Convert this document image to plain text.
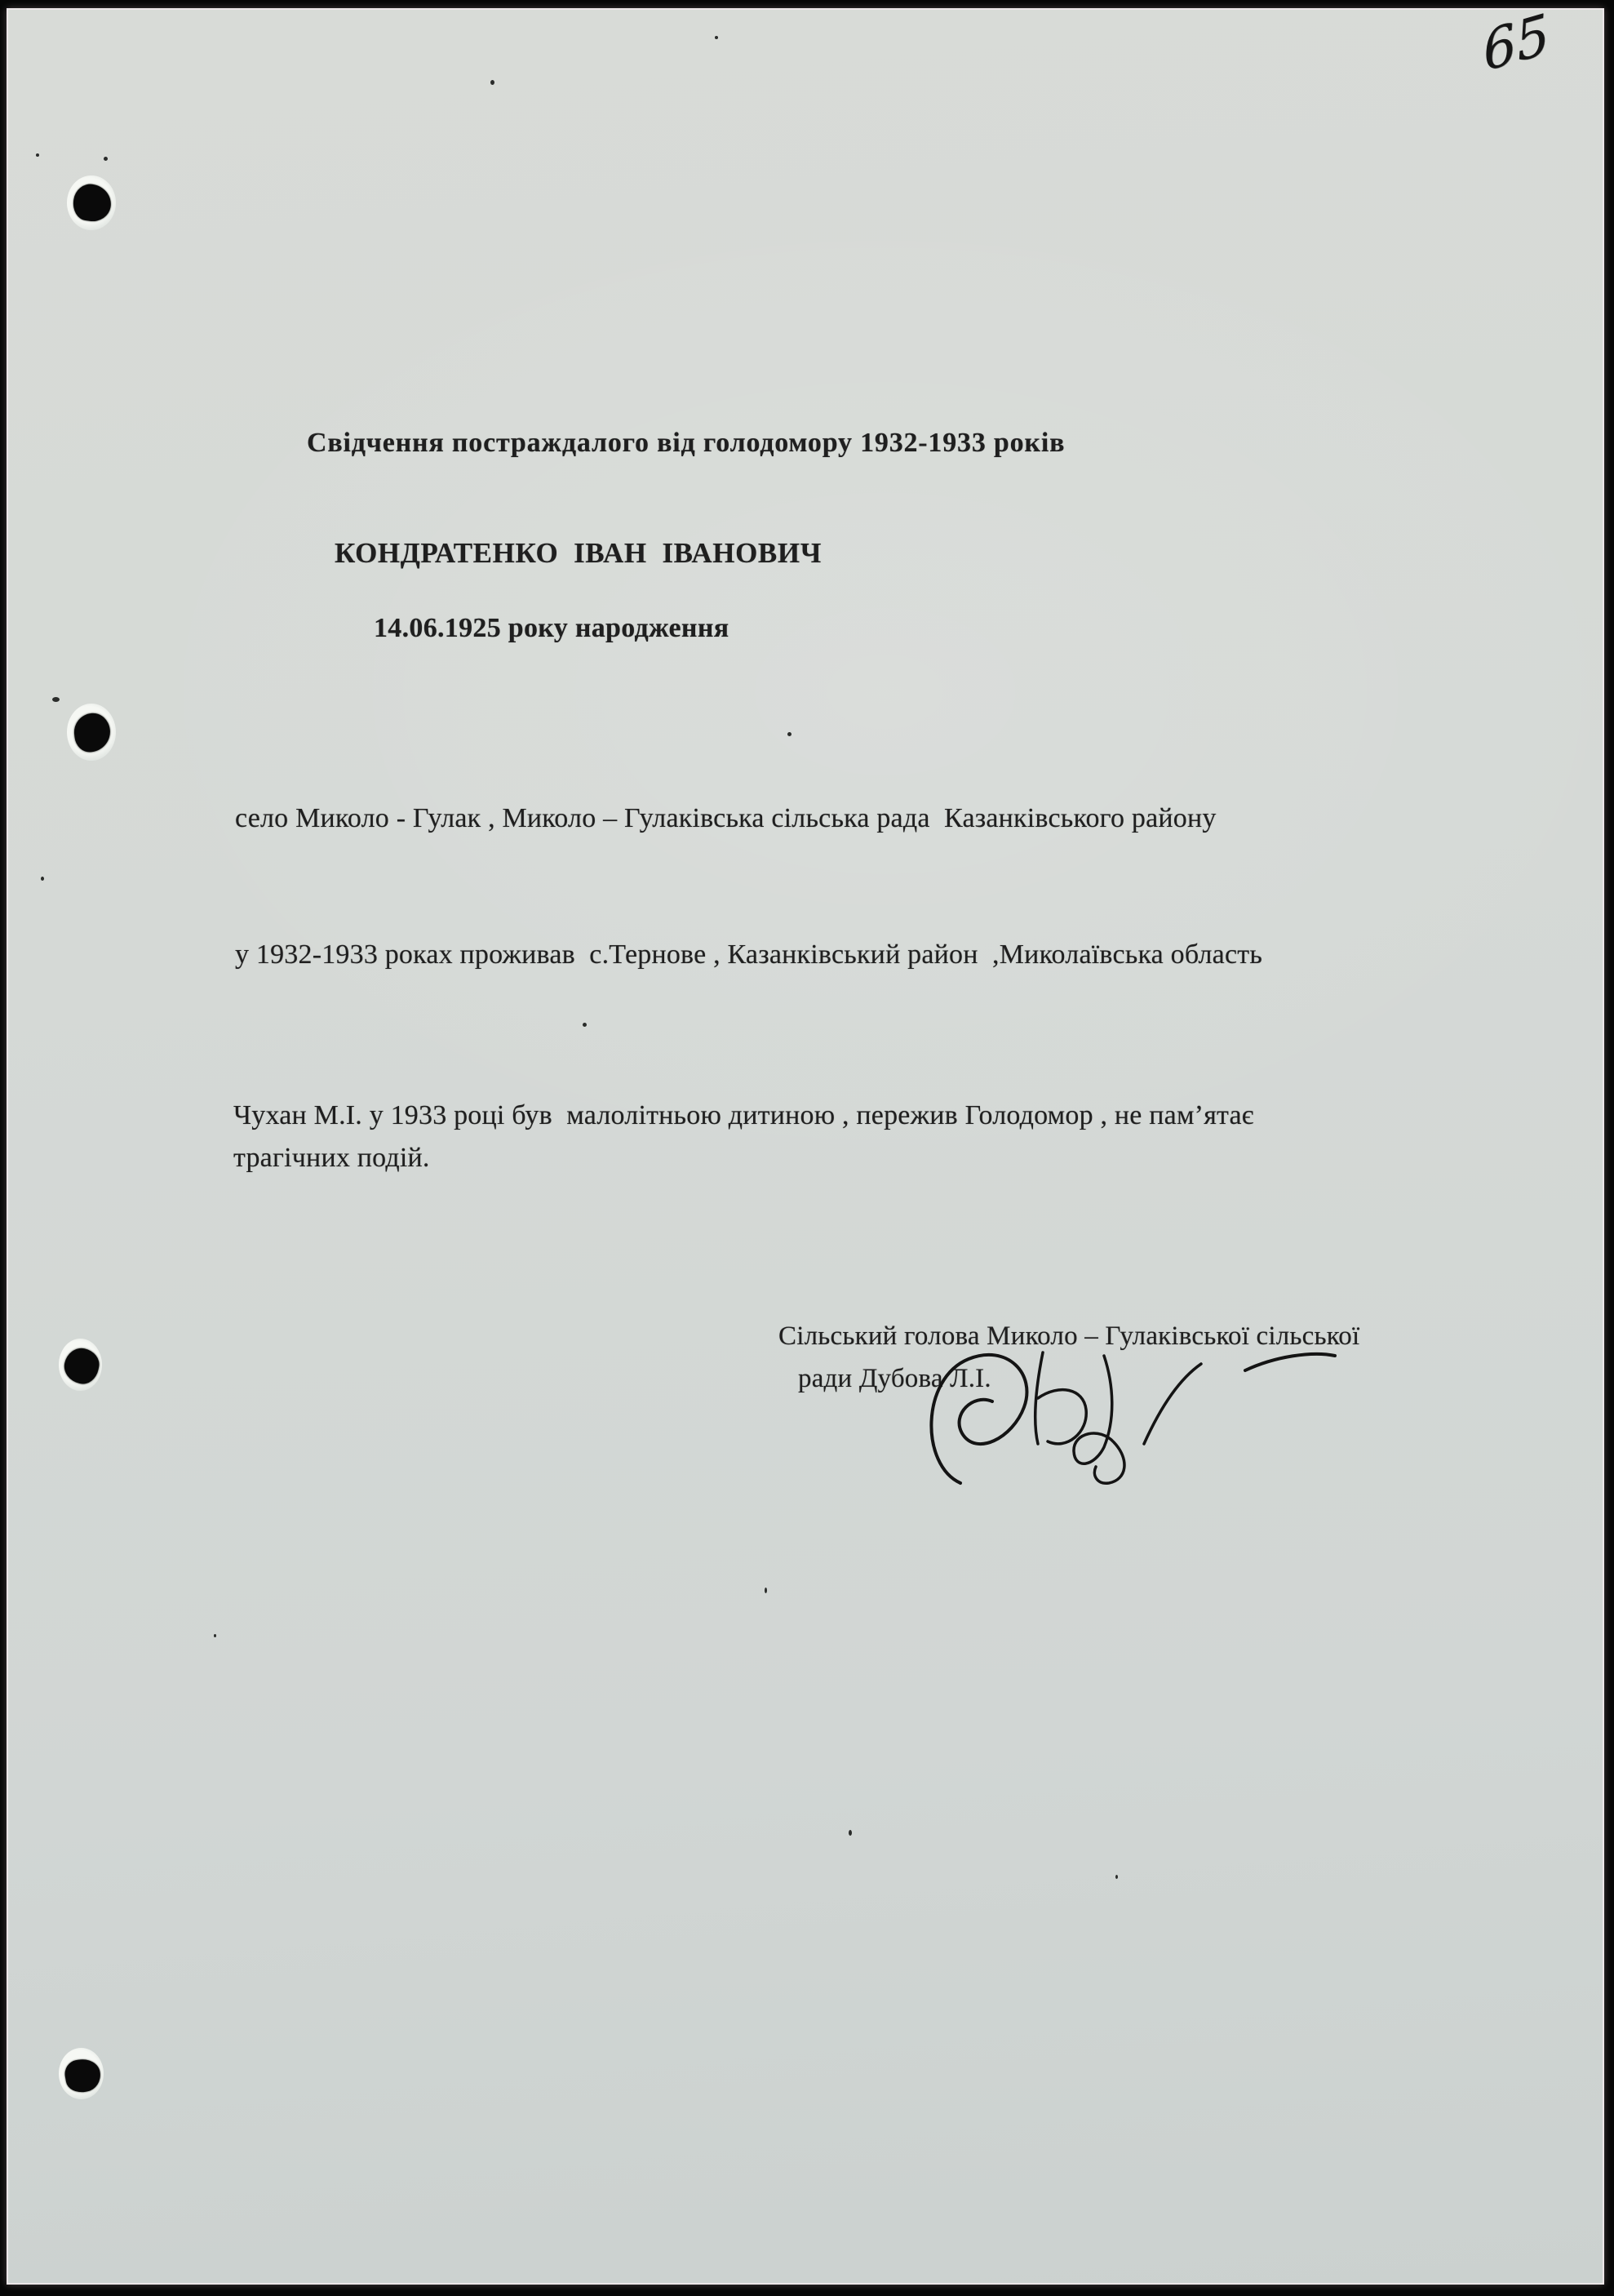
65
Свідчення постраждалого від голодомору 1932-1933 років
КОНДРАТЕНКО  ІВАН  ІВАНОВИЧ
14.06.1925 року народження
село Миколо - Гулак , Миколо – Гулаківська сільська рада  Казанківського району
у 1932-1933 роках проживав  с.Тернове , Казанківський район  ,Миколаївська область
Чухан М.І. у 1933 році був  малолітньою дитиною , пережив Голодомор , не пам’ятає
трагічних подій.
Сільський голова Миколо – Гулаківської сільської
ради Дубова Л.І.
